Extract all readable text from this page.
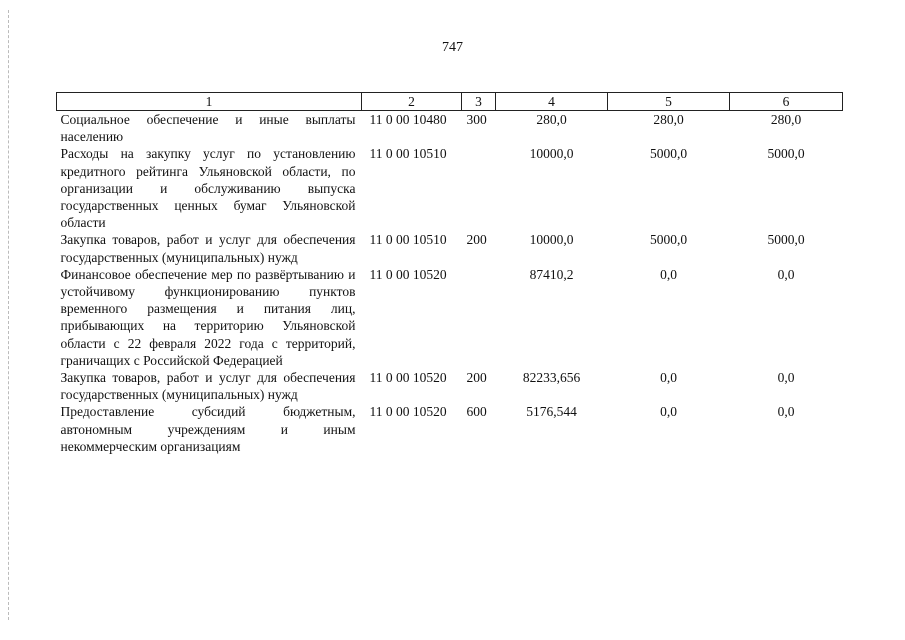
747
1	2	3	4	5	6
Социальное обеспечение и иные выплаты населению	11 0 00 10480	300	280,0	280,0	280,0
Расходы на закупку услуг по установлению кредитного рейтинга Ульяновской области, по организации и обслуживанию выпуска государственных ценных бумаг Ульяновской области	11 0 00 10510		10000,0	5000,0	5000,0
Закупка товаров, работ и услуг для обеспечения государственных (муниципальных) нужд	11 0 00 10510	200	10000,0	5000,0	5000,0
Финансовое обеспечение мер по развёртыванию и устойчивому функционированию пунктов временного размещения и питания лиц, прибывающих на территорию Ульяновской области с 22 февраля 2022 года с территорий, граничащих с Российской Федерацией	11 0 00 10520		87410,2	0,0	0,0
Закупка товаров, работ и услуг для обеспечения государственных (муниципальных) нужд	11 0 00 10520	200	82233,656	0,0	0,0
Предоставление субсидий бюджетным, автономным учреждениям и иным некоммерческим организациям	11 0 00 10520	600	5176,544	0,0	0,0
